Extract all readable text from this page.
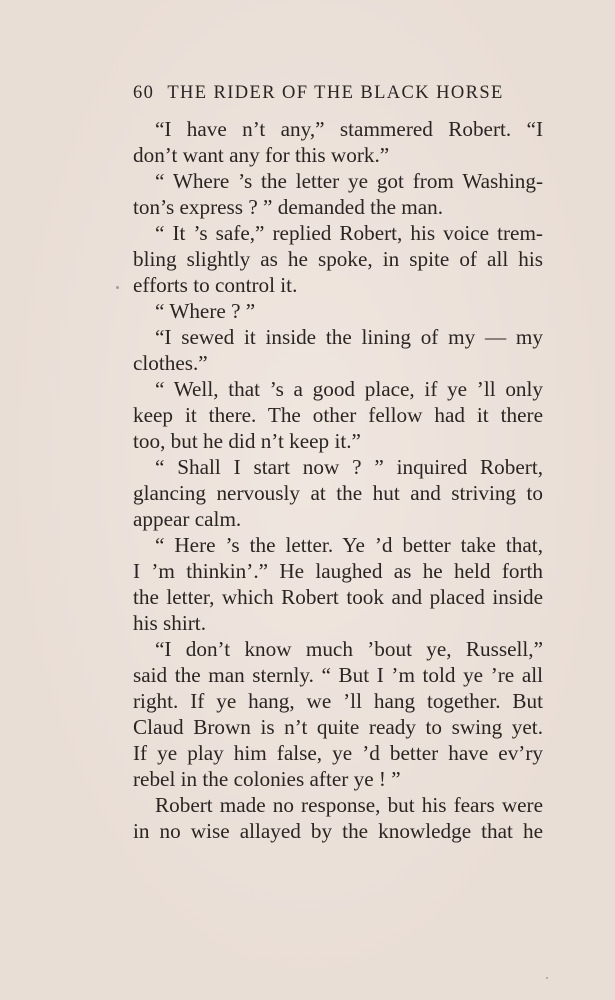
60 THE RIDER OF THE BLACK HORSE
“I have n’t any,” stammered Robert. “I
don’t want any for this work.”
“ Where ’s the letter ye got from Washing-
ton’s express ? ” demanded the man.
“ It ’s safe,” replied Robert, his voice trem-
bling slightly as he spoke, in spite of all his
efforts to control it.
“ Where ? ”
“I sewed it inside the lining of my — my
clothes.”
“ Well, that ’s a good place, if ye ’ll only
keep it there. The other fellow had it there
too, but he did n’t keep it.”
“ Shall I start now ? ” inquired Robert,
glancing nervously at the hut and striving to
appear calm.
“ Here ’s the letter. Ye ’d better take that,
I ’m thinkin’.” He laughed as he held forth
the letter, which Robert took and placed inside
his shirt.
“I don’t know much ’bout ye, Russell,”
said the man sternly. “ But I ’m told ye ’re all
right. If ye hang, we ’ll hang together. But
Claud Brown is n’t quite ready to swing yet.
If ye play him false, ye ’d better have ev’ry
rebel in the colonies after ye ! ”
Robert made no response, but his fears were
in no wise allayed by the knowledge that he
